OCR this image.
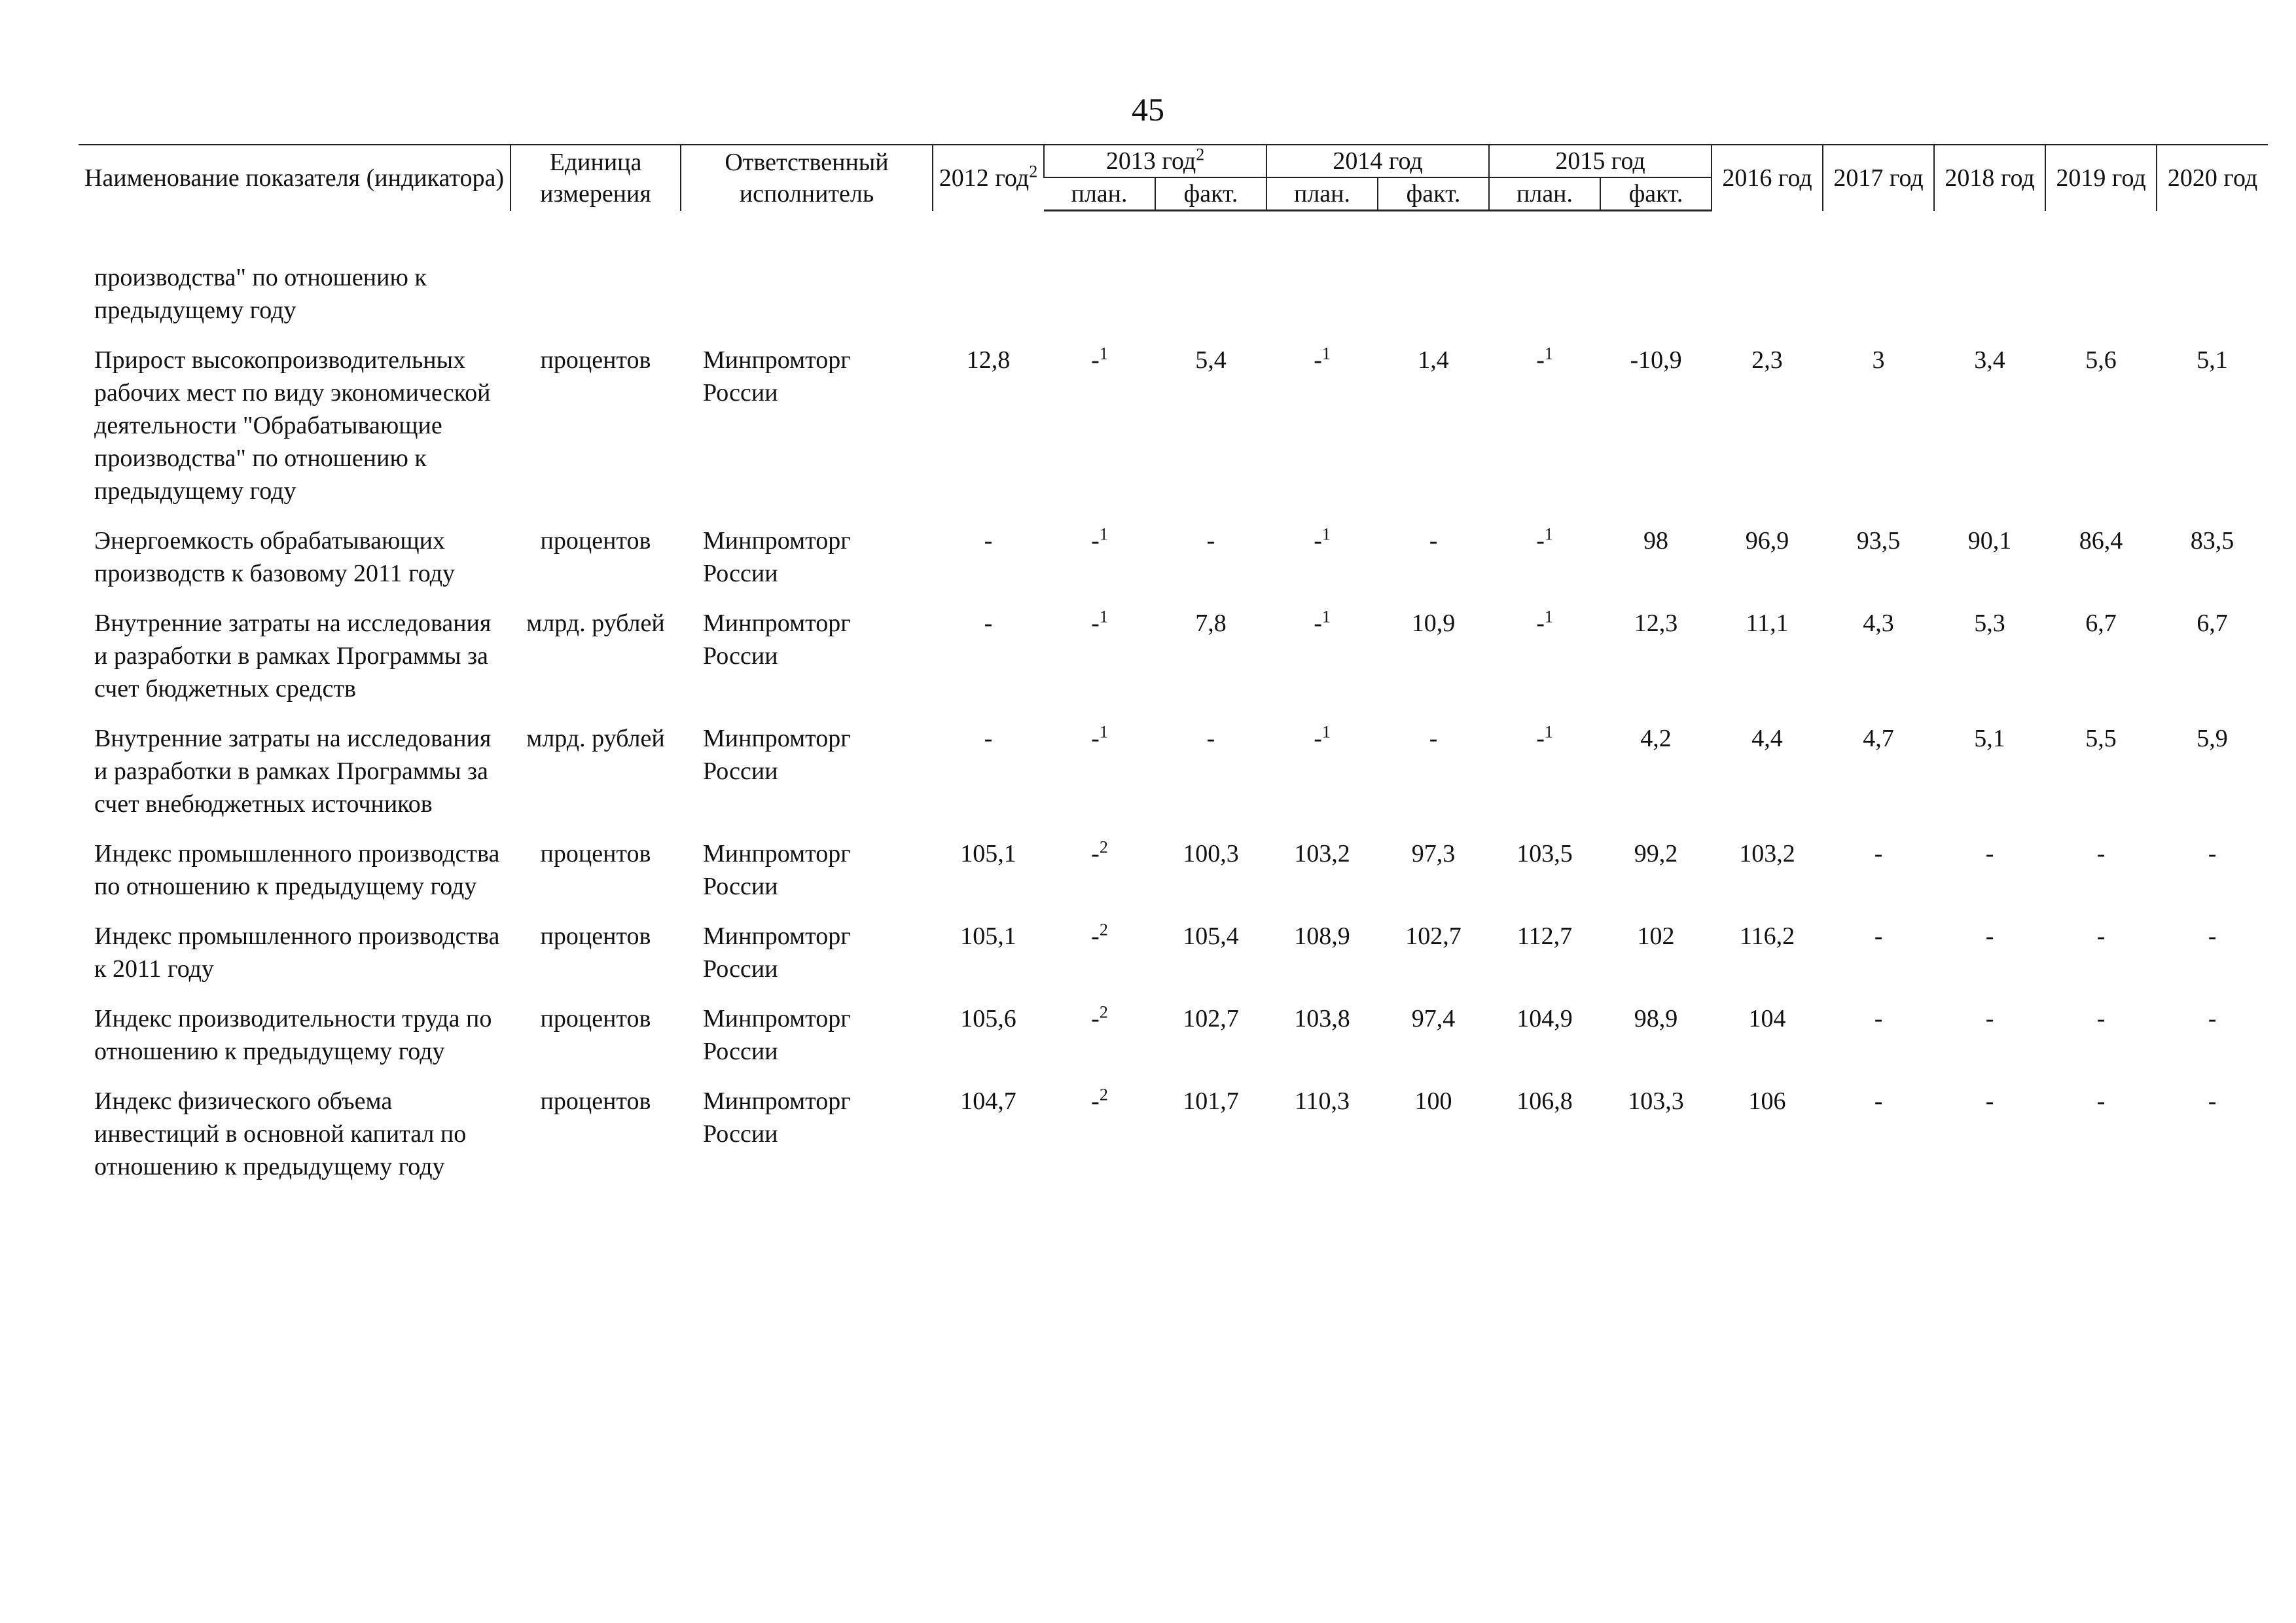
45
Наименование показателя (индикатора)	Единица измерения	Ответственный исполнитель	2012 год$^2$	2013 год$^2$		2014 год		2015 год		2016 год	2017 год	2018 год	2019 год	2020 год
				план.	факт.	план.	факт.	план.	факт.					

производства" по отношению к предыдущему году														
Прирост высокопроизводительных рабочих мест по виду экономической деятельности "Обрабатывающие производства" по отношению к предыдущему году	процентов	Минпромторг России	12,8	-$^1$	5,4	-$^1$	1,4	-$^1$	-10,9	2,3	3	3,4	5,6	5,1
Энергоемкость обрабатывающих производств к базовому 2011 году	процентов	Минпромторг России	-	-$^1$	-	-$^1$	-	-$^1$	98	96,9	93,5	90,1	86,4	83,5
Внутренние затраты на исследования и разработки в рамках Программы за счет бюджетных средств	млрд. рублей	Минпромторг России	-	-$^1$	7,8	-$^1$	10,9	-$^1$	12,3	11,1	4,3	5,3	6,7	6,7
Внутренние затраты на исследования и разработки в рамках Программы за счет внебюджетных источников	млрд. рублей	Минпромторг России	-	-$^1$	-	-$^1$	-	-$^1$	4,2	4,4	4,7	5,1	5,5	5,9
Индекс промышленного производства по отношению к предыдущему году	процентов	Минпромторг России	105,1	-$^2$	100,3	103,2	97,3	103,5	99,2	103,2	-	-	-	-
Индекс промышленного производства к 2011 году	процентов	Минпромторг России	105,1	-$^2$	105,4	108,9	102,7	112,7	102	116,2	-	-	-	-
Индекс производительности труда по отношению к предыдущему году	процентов	Минпромторг России	105,6	-$^2$	102,7	103,8	97,4	104,9	98,9	104	-	-	-	-
Индекс физического объема инвестиций в основной капитал по отношению к предыдущему году	процентов	Минпромторг России	104,7	-$^2$	101,7	110,3	100	106,8	103,3	106	-	-	-	-
